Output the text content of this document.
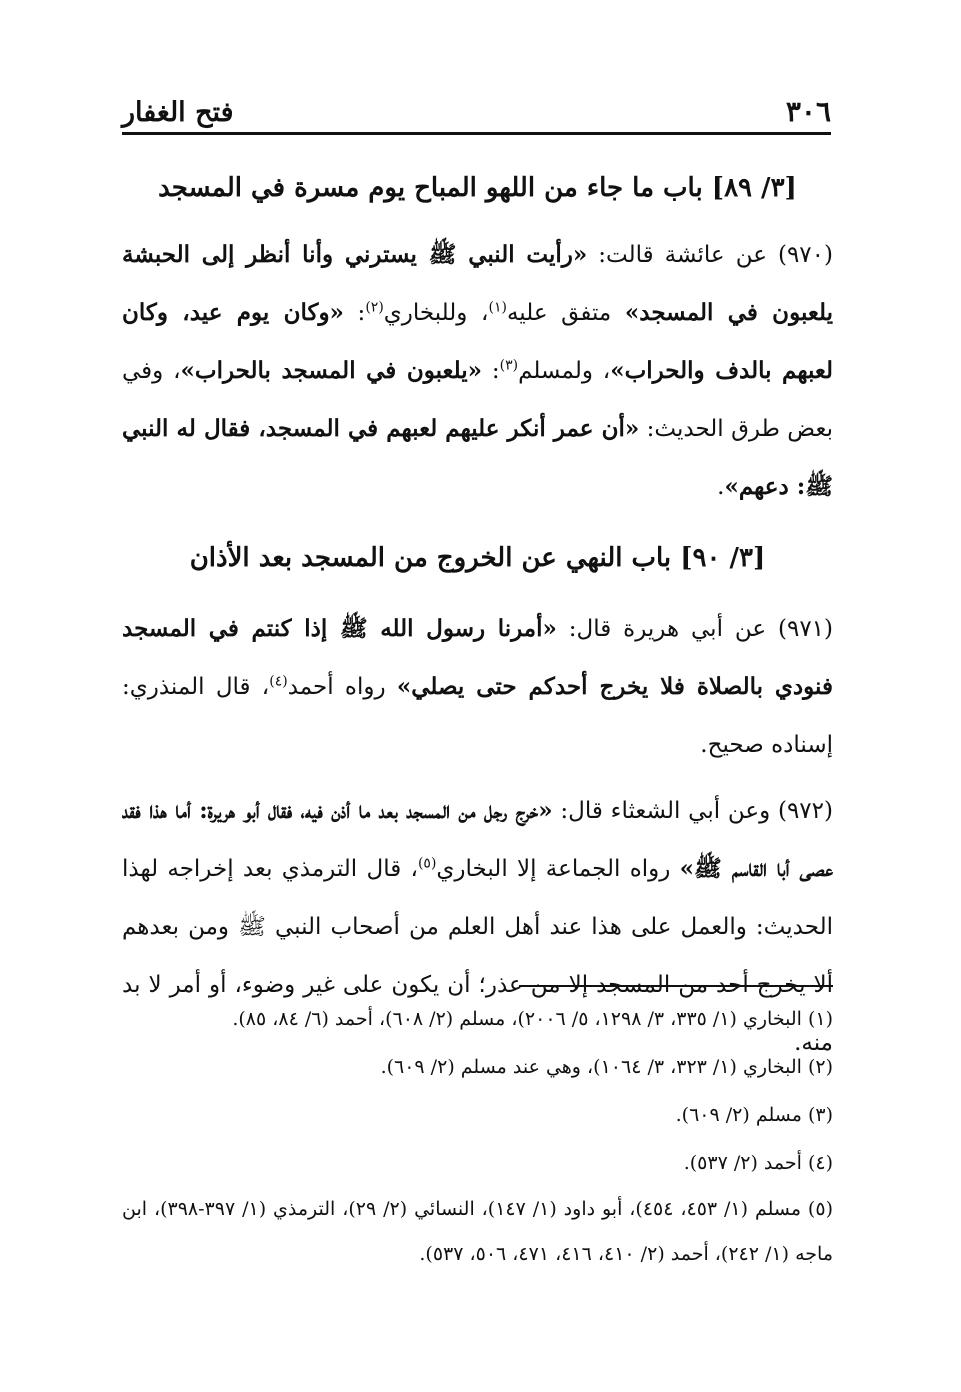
٣٠٦
فتح الغفار
[٣/ ٨٩] باب ما جاء من اللهو المباح يوم مسرة في المسجد

(٩٧٠) عن عائشة قالت: «رأيت النبي ﷺ يسترني وأنا أنظر إلى الحبشة يلعبون في المسجد» متفق عليه$^{(١)}$، وللبخاري$^{(٢)}$: «وكان يوم عيد، وكان لعبهم بالدف والحراب»، ولمسلم$^{(٣)}$: «يلعبون في المسجد بالحراب»، وفي بعض طرق الحديث: «أن عمر أنكر عليهم لعبهم في المسجد، فقال له النبي ﷺ: دعهم».

[٣/ ٩٠] باب النهي عن الخروج من المسجد بعد الأذان

(٩٧١) عن أبي هريرة قال: «أمرنا رسول الله ﷺ إذا كنتم في المسجد فنودي بالصلاة فلا يخرج أحدكم حتى يصلي» رواه أحمد$^{(٤)}$، قال المنذري: إسناده صحيح.

(٩٧٢) وعن أبي الشعثاء قال: «خرج رجل من المسجد بعد ما أذن فيه، فقال أبو هريرة: أما هذا فقد عصى أبا القاسم ﷺ» رواه الجماعة إلا البخاري$^{(٥)}$، قال الترمذي بعد إخراجه لهذا الحديث: والعمل على هذا عند أهل العلم من أصحاب النبي ﷺ ومن بعدهم ألا يخرج أحد من المسجد إلا من عذر؛ أن يكون على غير وضوء، أو أمر لا بد منه.

(١) البخاري (١/ ٣٣٥، ٣/ ١٢٩٨، ٥/ ٢٠٠٦)، مسلم (٢/ ٦٠٨)، أحمد (٦/ ٨٤، ٨٥).

(٢) البخاري (١/ ٣٢٣، ٣/ ١٠٦٤)، وهي عند مسلم (٢/ ٦٠٩).

(٣) مسلم (٢/ ٦٠٩).

(٤) أحمد (٢/ ٥٣٧).

(٥) مسلم (١/ ٤٥٣، ٤٥٤)، أبو داود (١/ ١٤٧)، النسائي (٢/ ٢٩)، الترمذي (١/ ٣٩٧-٣٩٨)، ابن ماجه (١/ ٢٤٢)، أحمد (٢/ ٤١٠، ٤١٦، ٤٧١، ٥٠٦، ٥٣٧).
